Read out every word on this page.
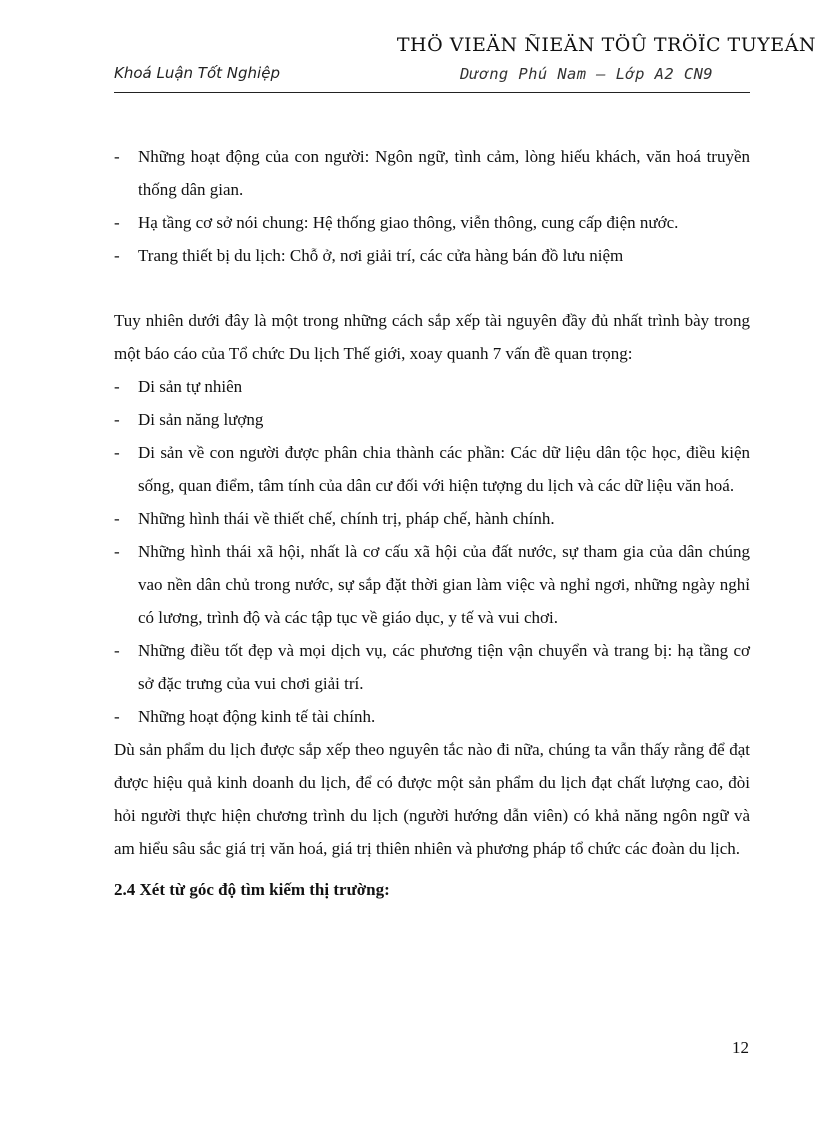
THÖ VIEÄN ÑIEÄN TÖÛ TRÖÏC TUYEÁN
Khoá Luận Tốt Nghiệp	Dương Phú Nam – Lớp A2 CN9
- Những hoạt động của con người: Ngôn ngữ, tình cảm, lòng hiếu khách, văn hoá truyền thống dân gian.
- Hạ tầng cơ sở nói chung: Hệ thống giao thông, viễn thông, cung cấp điện nước.
- Trang thiết bị du lịch: Chỗ ở, nơi giải trí, các cửa hàng bán đồ lưu niệm
Tuy nhiên dưới đây là một trong những cách sắp xếp tài nguyên đầy đủ nhất trình bày trong một báo cáo của Tổ chức Du lịch Thế giới, xoay quanh 7 vấn đề quan trọng:
- Di sản tự nhiên
- Di sản năng lượng
- Di sản về con người được phân chia thành các phần: Các dữ liệu dân tộc học, điều kiện sống, quan điểm, tâm tính của dân cư đối với hiện tượng du lịch và các dữ liệu văn hoá.
- Những hình thái về thiết chế, chính trị, pháp chế, hành chính.
- Những hình thái xã hội, nhất là cơ cấu xã hội của đất nước, sự tham gia của dân chúng vao nền dân chủ trong nước, sự sắp đặt thời gian làm việc và nghỉ ngơi, những ngày nghỉ có lương, trình độ và các tập tục về giáo dục, y tế và vui chơi.
- Những điều tốt đẹp và mọi dịch vụ, các phương tiện vận chuyển và trang bị: hạ tầng cơ sở đặc trưng của vui chơi giải trí.
- Những hoạt động kinh tế tài chính.
Dù sản phẩm du lịch được sắp xếp theo nguyên tắc nào đi nữa, chúng ta vẫn thấy rằng để đạt được hiệu quả kinh doanh du lịch, để có được một sản phẩm du lịch đạt chất lượng cao, đòi hỏi người thực hiện chương trình du lịch (người hướng dẫn viên) có khả năng ngôn ngữ và am hiểu sâu sắc giá trị văn hoá, giá trị thiên nhiên và phương pháp tổ chức các đoàn du lịch.
2.4 Xét từ góc độ tìm kiếm thị trường:
12
